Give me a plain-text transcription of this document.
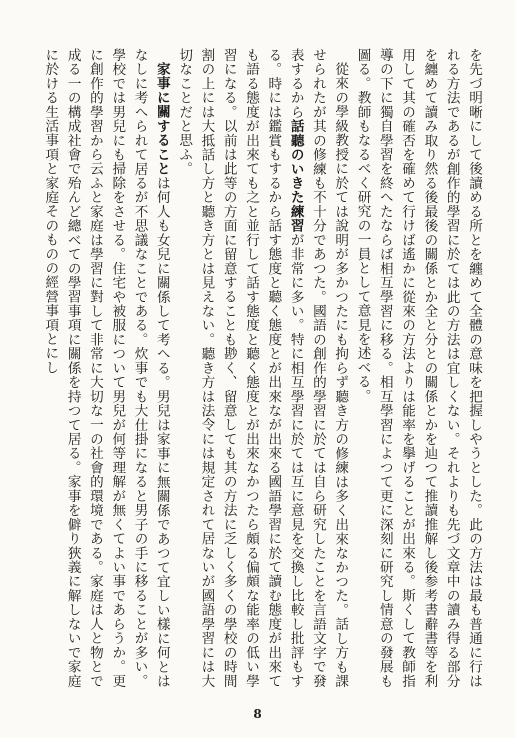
を先づ明晰にして後讀める所とを纏めて全體の意味を把握しやうとした。此の方法は最も普通に行はれる方法であるが創作的學習に於ては此の方法は宜しくない。それよりも先づ文章中の讀み得る部分を纏めて讀み取り然る後最後の關係とか全と分との關係とかを辿つて推讀推解し後参考書辭書等を利用して其の確否を確めて行けば遙かに從來の方法よりは能率を擧げることが出來る。斯くして教師指導の下に獨自學習を終へたならば相互學習に移る。相互學習によつて更に深刻に研究し情意の發展も圖る。教師もなるべく研究の一員として意見を述べる。

從來の學級教授に於ては說明が多かつたにも拘らず聽き方の修練は多く出來なかつた。話し方も課せられたが其の修練も不十分であつた。國語の創作的學習に於ては自ら研究したことを言語文字で發表するから話聽のいきた練習が非常に多い。特に相互學習に於ては互に意見を交換し比較し批評もする。時には鑑賞もするから話す態度と聽く態度とが出來なが出來る國語學習に於て讀む態度が出來ても語る態度が出來ても之と並行して話す態度と聽く態度とが出來なかつたら頗る偏頗な能率の低い學習になる。以前は此等の方面に留意することも尠く、留意しても其の方法に乏しく多くの學校の時間割の上には大抵話し方と聽き方とは見えない。聽き方は法令には規定されて居ないが國語學習には大切なことだと思ふ。

家事に關することは何人も女兒に關係して考へる。男兒は家事に無關係であつて宜しい樣に何とはなしに考へられて居るが不思議なことである。炊事でも大仕掛になると男子の手に移ることが多い。學校では男兒にも掃除をさせる。住宅や被服について男兒が何等理解が無くてよい事であらうか。更に創作的學習から云ふと家庭は學習に對して非常に大切な一の社會的環境である。家庭は人と物とで成る一の構成社會で殆んど總べての學習事項に關係を持つて居る。家事を僻り狹義に解しないで家庭に於ける生活事項と家庭そのものの經營事項とにし

8
